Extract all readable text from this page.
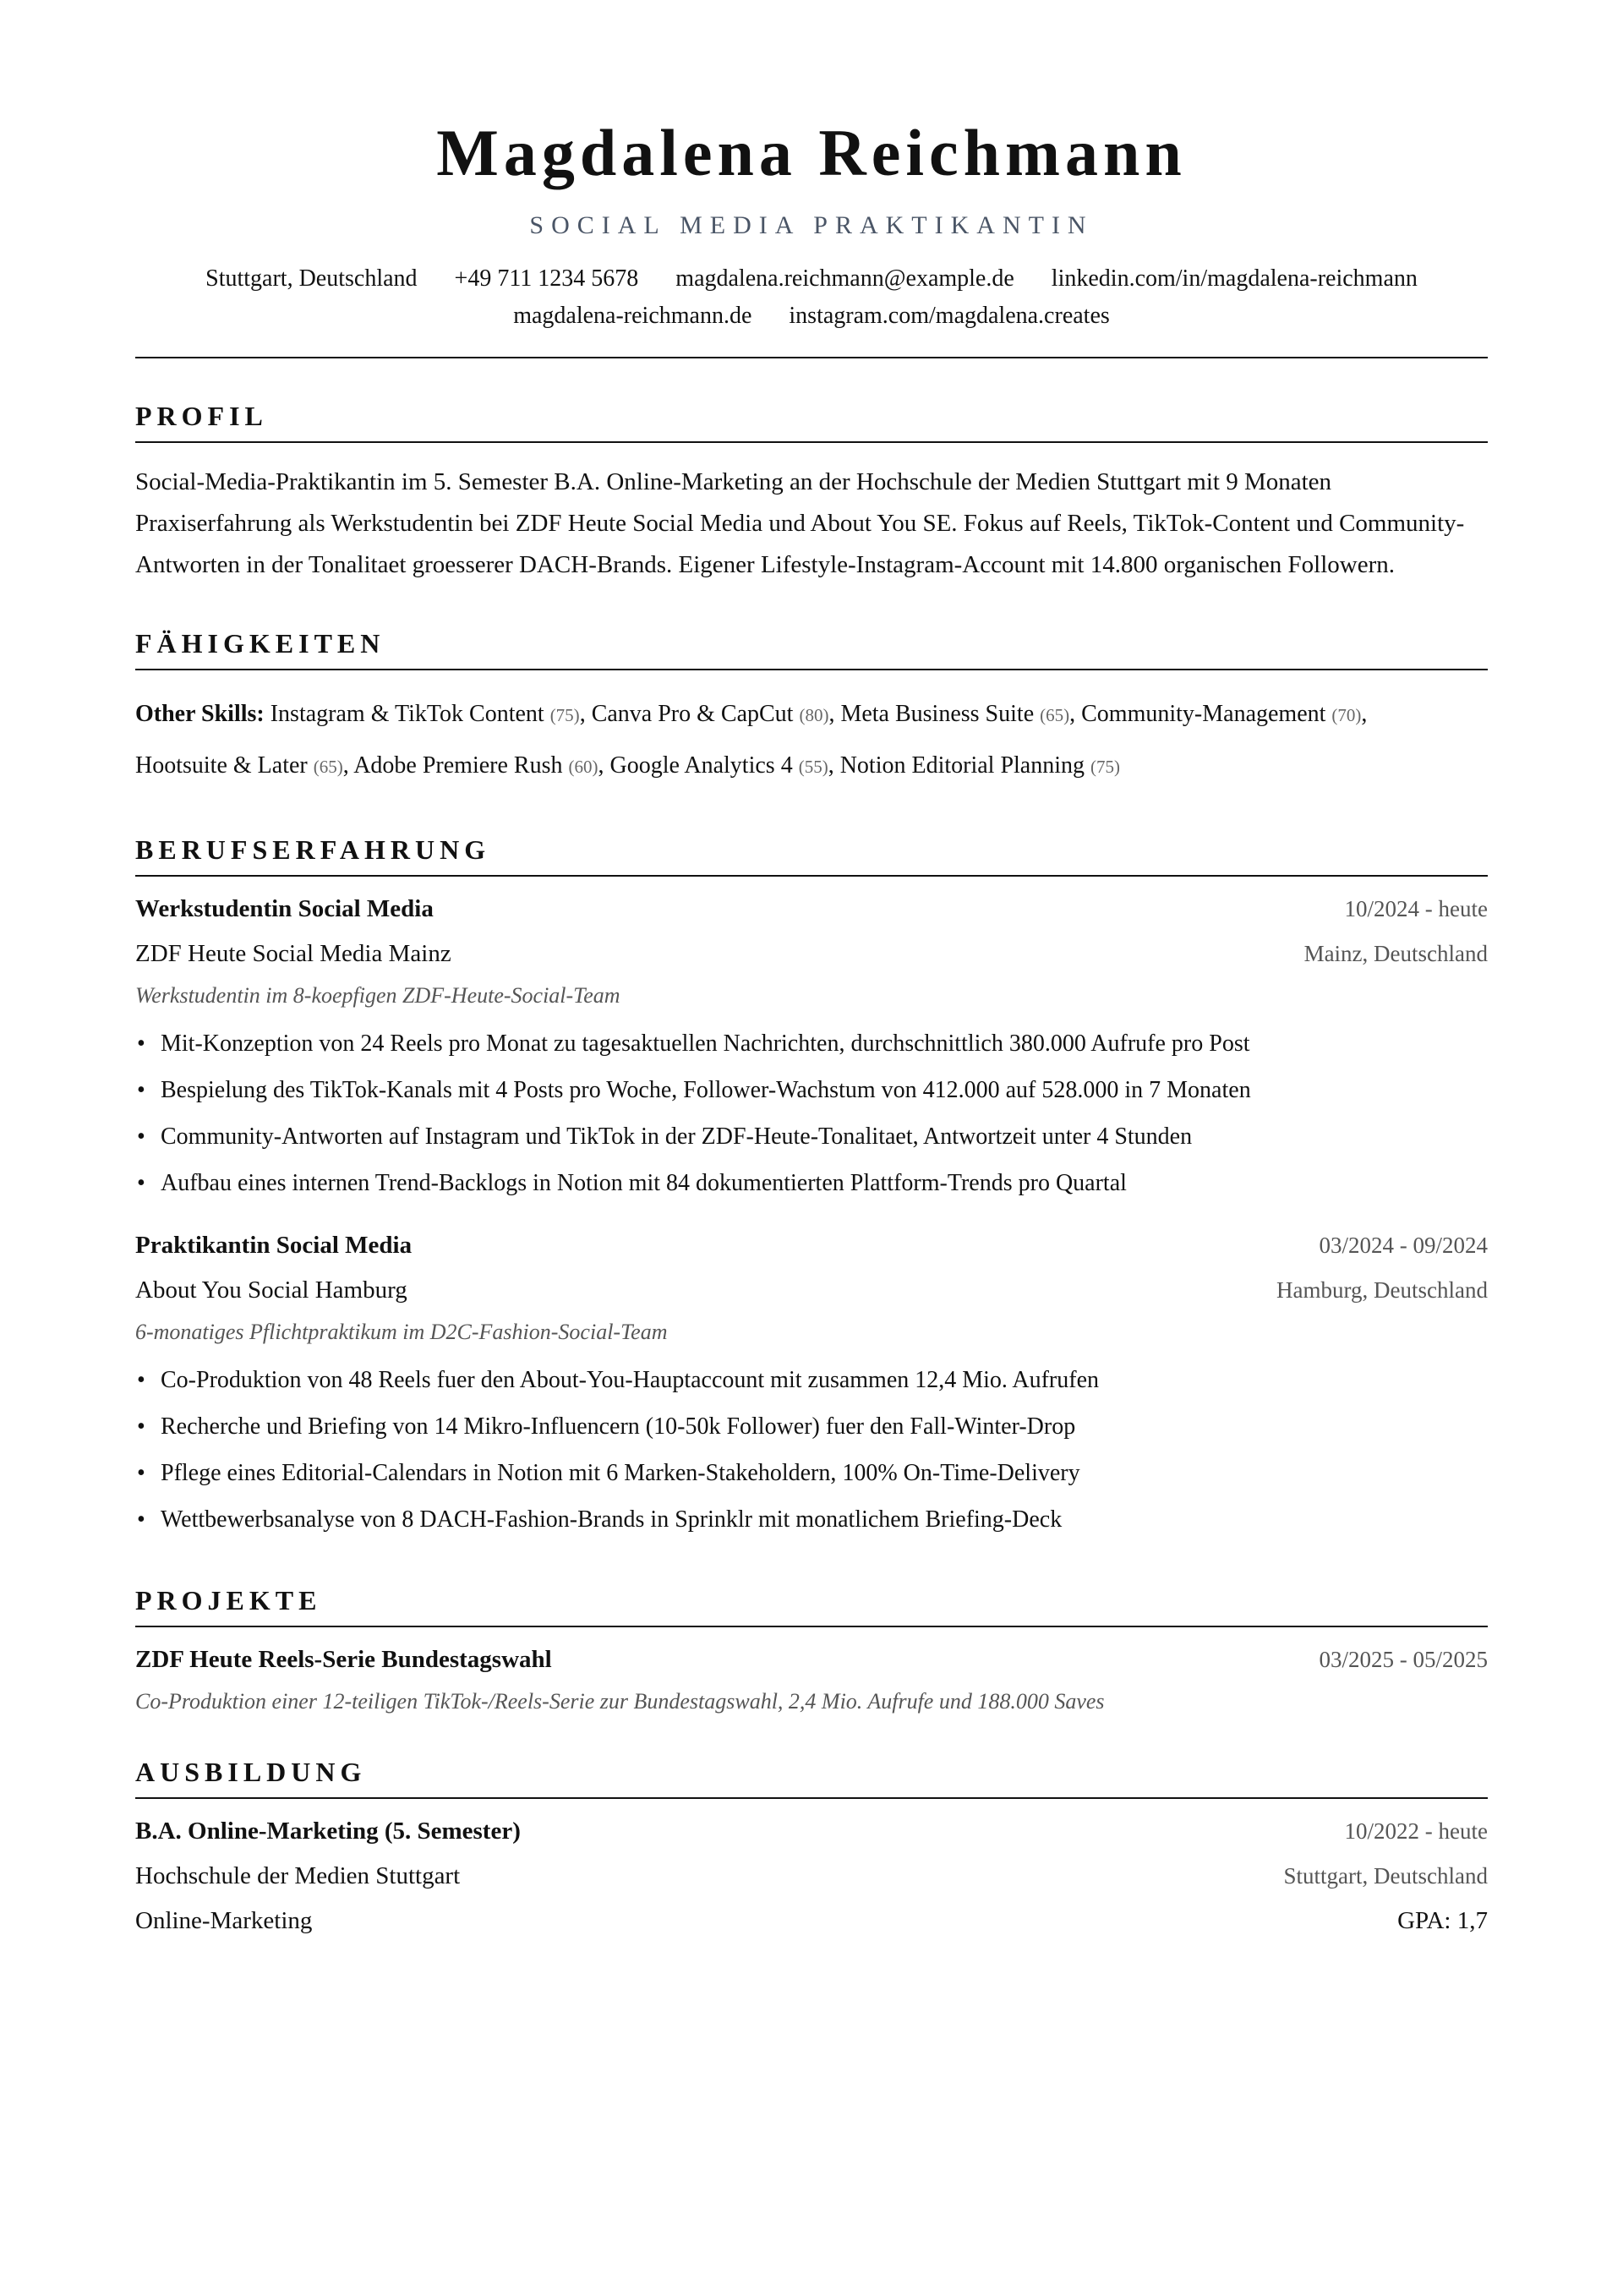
Magdalena Reichmann
SOCIAL MEDIA PRAKTIKANTIN
Stuttgart, Deutschland +49 711 1234 5678 magdalena.reichmann@example.de linkedin.com/in/magdalena-reichmann
magdalena-reichmann.de instagram.com/magdalena.creates
PROFIL
Social-Media-Praktikantin im 5. Semester B.A. Online-Marketing an der Hochschule der Medien Stuttgart mit 9 Monaten Praxiserfahrung als Werkstudentin bei ZDF Heute Social Media und About You SE. Fokus auf Reels, TikTok-Content und Community-Antworten in der Tonalitaet groesserer DACH-Brands. Eigener Lifestyle-Instagram-Account mit 14.800 organischen Followern.
FÄHIGKEITEN
Other Skills: Instagram & TikTok Content (75), Canva Pro & CapCut (80), Meta Business Suite (65), Community-Management (70),
Hootsuite & Later (65), Adobe Premiere Rush (60), Google Analytics 4 (55), Notion Editorial Planning (75)
BERUFSERFAHRUNG
Werkstudentin Social Media	10/2024 - heute
ZDF Heute Social Media Mainz	Mainz, Deutschland
Werkstudentin im 8-koepfigen ZDF-Heute-Social-Team
• Mit-Konzeption von 24 Reels pro Monat zu tagesaktuellen Nachrichten, durchschnittlich 380.000 Aufrufe pro Post
• Bespielung des TikTok-Kanals mit 4 Posts pro Woche, Follower-Wachstum von 412.000 auf 528.000 in 7 Monaten
• Community-Antworten auf Instagram und TikTok in der ZDF-Heute-Tonalitaet, Antwortzeit unter 4 Stunden
• Aufbau eines internen Trend-Backlogs in Notion mit 84 dokumentierten Plattform-Trends pro Quartal
Praktikantin Social Media	03/2024 - 09/2024
About You Social Hamburg	Hamburg, Deutschland
6-monatiges Pflichtpraktikum im D2C-Fashion-Social-Team
• Co-Produktion von 48 Reels fuer den About-You-Hauptaccount mit zusammen 12,4 Mio. Aufrufen
• Recherche und Briefing von 14 Mikro-Influencern (10-50k Follower) fuer den Fall-Winter-Drop
• Pflege eines Editorial-Calendars in Notion mit 6 Marken-Stakeholdern, 100% On-Time-Delivery
• Wettbewerbsanalyse von 8 DACH-Fashion-Brands in Sprinklr mit monatlichem Briefing-Deck
PROJEKTE
ZDF Heute Reels-Serie Bundestagswahl	03/2025 - 05/2025
Co-Produktion einer 12-teiligen TikTok-/Reels-Serie zur Bundestagswahl, 2,4 Mio. Aufrufe und 188.000 Saves
AUSBILDUNG
B.A. Online-Marketing (5. Semester)	10/2022 - heute
Hochschule der Medien Stuttgart	Stuttgart, Deutschland
Online-Marketing	GPA: 1,7
